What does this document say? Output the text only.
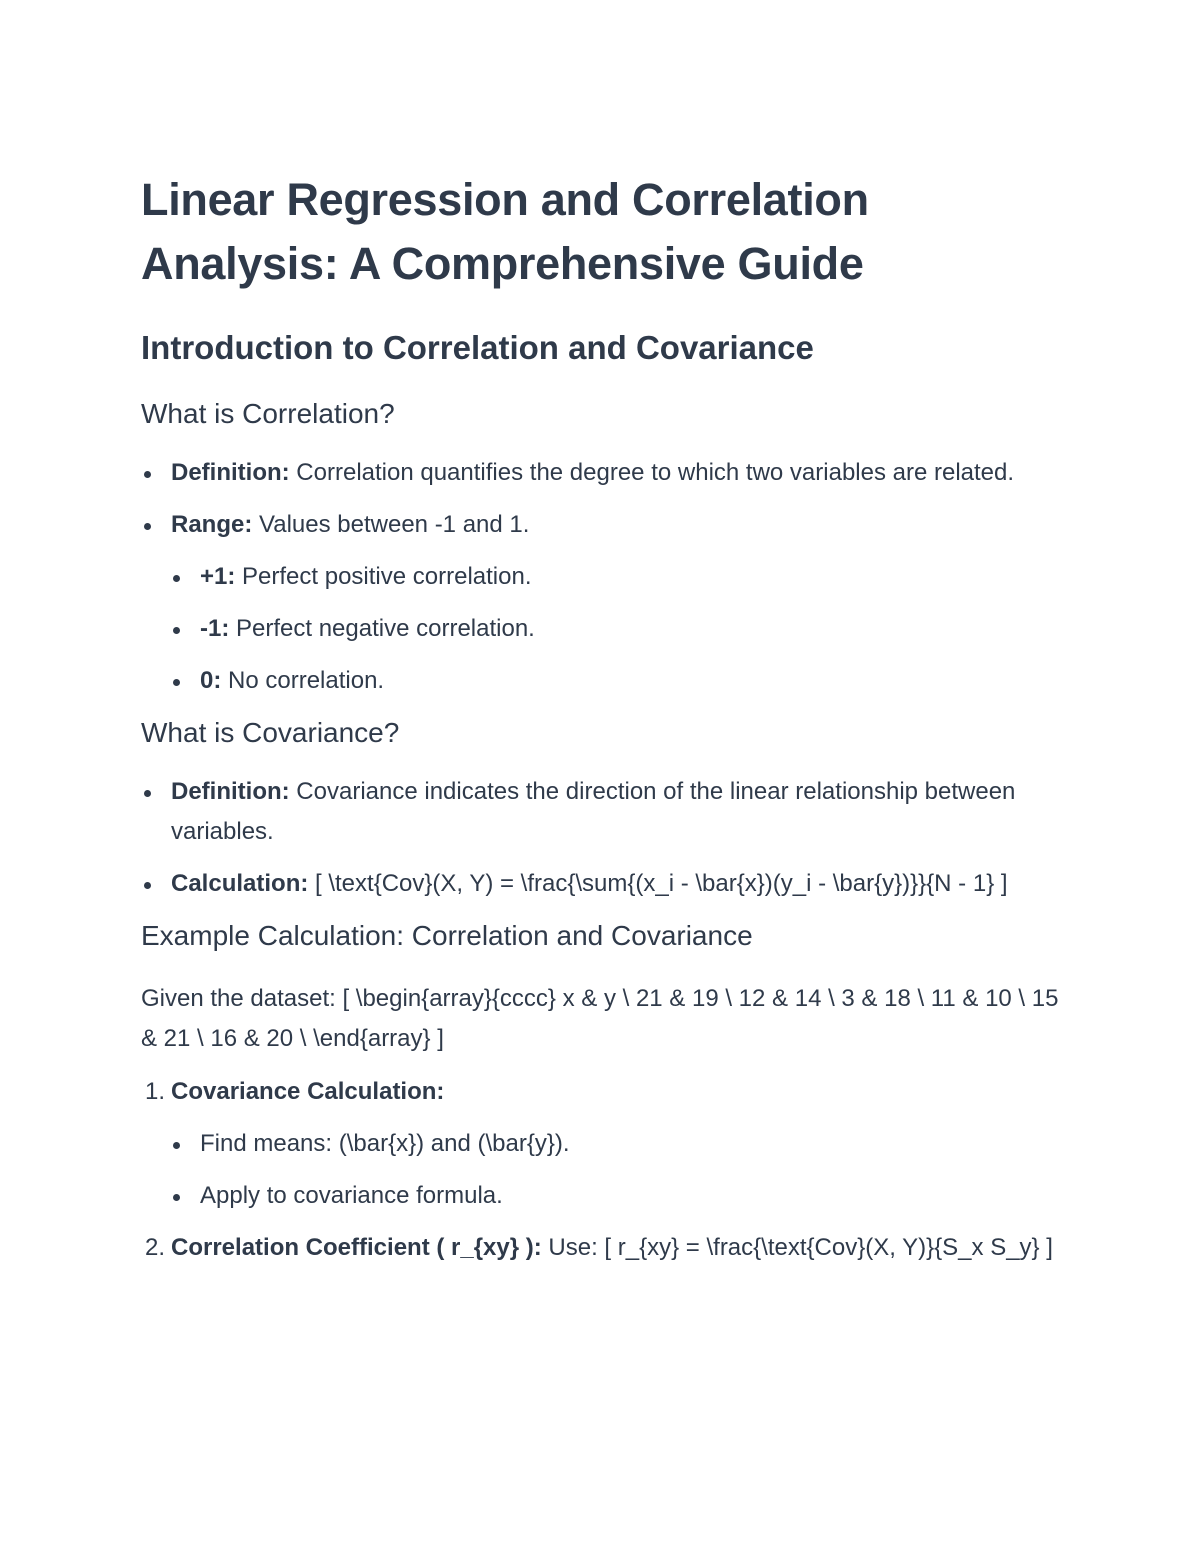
Linear Regression and Correlation Analysis: A Comprehensive Guide
Introduction to Correlation and Covariance
What is Correlation?
Definition: Correlation quantifies the degree to which two variables are related.
Range: Values between -1 and 1.
+1: Perfect positive correlation.
-1: Perfect negative correlation.
0: No correlation.
What is Covariance?
Definition: Covariance indicates the direction of the linear relationship between variables.
Calculation: [ \text{Cov}(X, Y) = \frac{\sum{(x_i - \bar{x})(y_i - \bar{y})}}{N - 1} ]
Example Calculation: Correlation and Covariance

Given the dataset: [ \begin{array}{cccc} x & y \ 21 & 19 \ 12 & 14 \ 3 & 18 \ 11 & 10 \ 15 & 21 \ 16 & 20 \ \end{array} ]

1. Covariance Calculation:
Find means: (\bar{x}) and (\bar{y}).
Apply to covariance formula.
2. Correlation Coefficient ( r_{xy} ): Use: [ r_{xy} = \frac{\text{Cov}(X, Y)}{S_x S_y} ]
